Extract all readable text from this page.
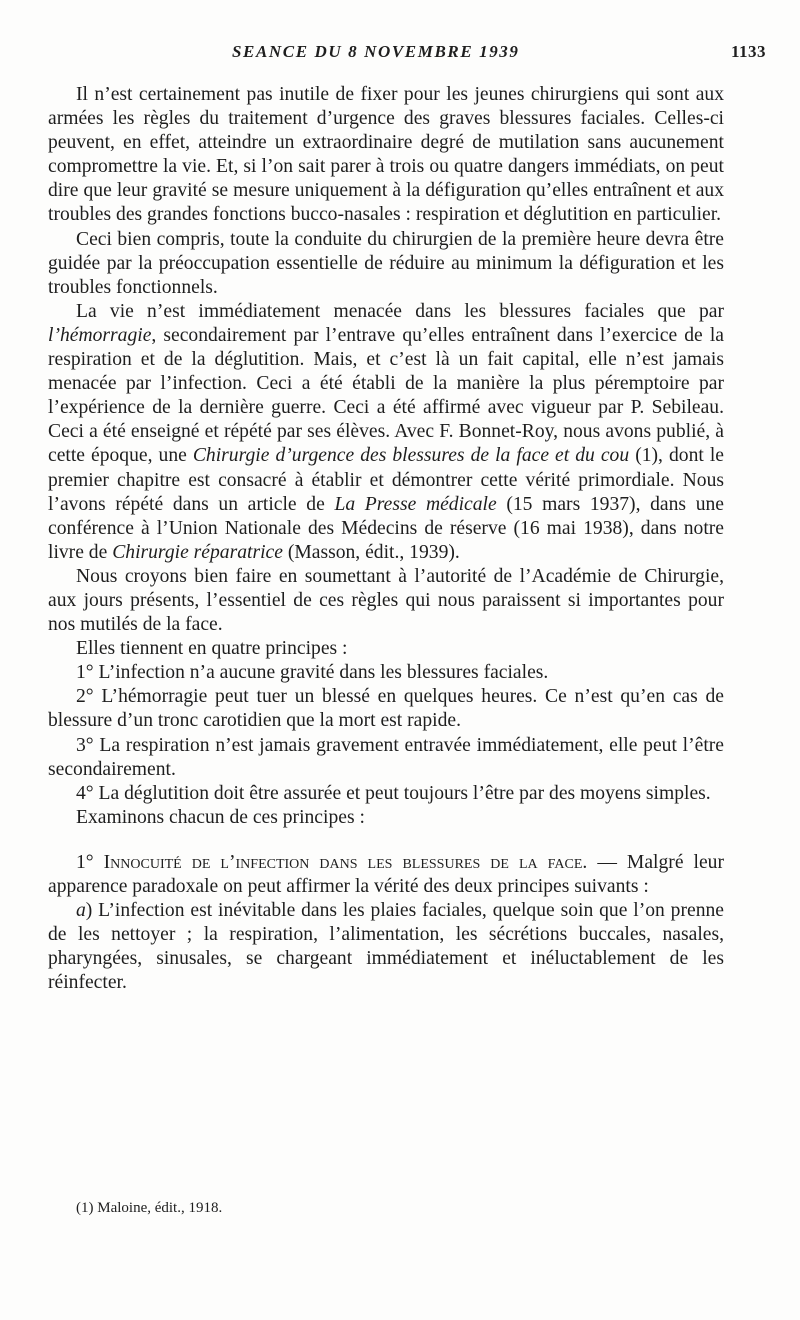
SEANCE DU 8 NOVEMBRE 1939	1133

Il n’est certainement pas inutile de fixer pour les jeunes chirurgiens qui sont aux armées les règles du traitement d’urgence des graves blessures faciales. Celles-ci peuvent, en effet, atteindre un extraordinaire degré de mutilation sans aucunement compromettre la vie. Et, si l’on sait parer à trois ou quatre dangers immédiats, on peut dire que leur gravité se mesure uniquement à la défiguration qu’elles entraînent et aux troubles des grandes fonctions bucco-nasales : respiration et déglutition en particulier.

Ceci bien compris, toute la conduite du chirurgien de la première heure devra être guidée par la préoccupation essentielle de réduire au minimum la défiguration et les troubles fonctionnels.

La vie n’est immédiatement menacée dans les blessures faciales que par l’hémorragie, secondairement par l’entrave qu’elles entraînent dans l’exercice de la respiration et de la déglutition. Mais, et c’est là un fait capital, elle n’est jamais menacée par l’infection. Ceci a été établi de la manière la plus péremptoire par l’expérience de la dernière guerre. Ceci a été affirmé avec vigueur par P. Sebileau. Ceci a été enseigné et répété par ses élèves. Avec F. Bonnet-Roy, nous avons publié, à cette époque, une Chirurgie d’urgence des blessures de la face et du cou (1), dont le premier chapitre est consacré à établir et démontrer cette vérité primordiale. Nous l’avons répété dans un article de La Presse médicale (15 mars 1937), dans une conférence à l’Union Nationale des Médecins de réserve (16 mai 1938), dans notre livre de Chirurgie réparatrice (Masson, édit., 1939).

Nous croyons bien faire en soumettant à l’autorité de l’Académie de Chirurgie, aux jours présents, l’essentiel de ces règles qui nous paraissent si importantes pour nos mutilés de la face.

Elles tiennent en quatre principes :

1° L’infection n’a aucune gravité dans les blessures faciales.

2° L’hémorragie peut tuer un blessé en quelques heures. Ce n’est qu’en cas de blessure d’un tronc carotidien que la mort est rapide.

3° La respiration n’est jamais gravement entravée immédiatement, elle peut l’être secondairement.

4° La déglutition doit être assurée et peut toujours l’être par des moyens simples.

Examinons chacun de ces principes :

1° Innocuité de l’infection dans les blessures de la face. — Malgré leur apparence paradoxale on peut affirmer la vérité des deux principes suivants :

a) L’infection est inévitable dans les plaies faciales, quelque soin que l’on prenne de les nettoyer ; la respiration, l’alimentation, les sécrétions buccales, nasales, pharyngées, sinusales, se chargeant immédiatement et inéluctablement de les réinfecter.

(1) Maloine, édit., 1918.
